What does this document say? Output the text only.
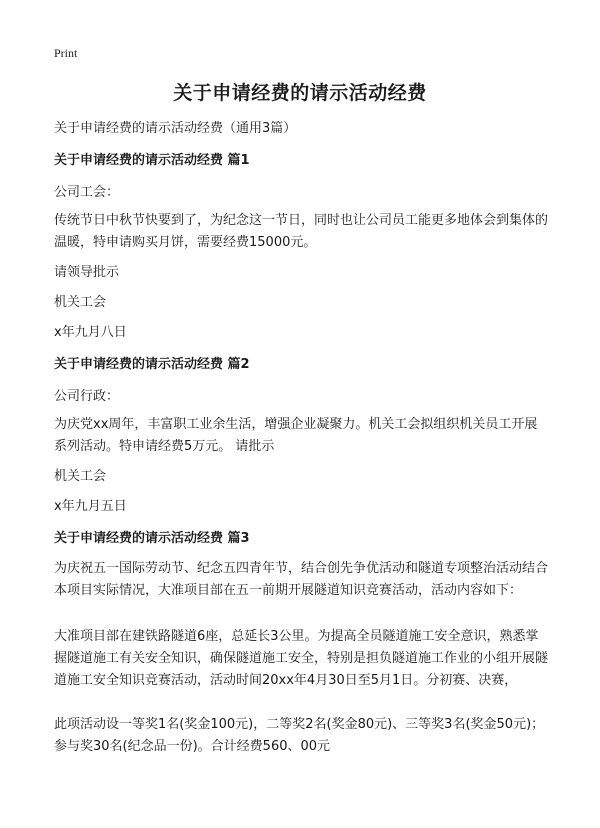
Print
关于申请经费的请示活动经费
关于申请经费的请示活动经费（通用3篇）
关于申请经费的请示活动经费 篇1
公司工会：
传统节日中秋节快要到了，为纪念这一节日，同时也让公司员工能更多地体会到集体的温暖，特申请购买月饼，需要经费15000元。
请领导批示
机关工会
x年九月八日
关于申请经费的请示活动经费 篇2
公司行政：
为庆党xx周年，丰富职工业余生活，增强企业凝聚力。机关工会拟组织机关员工开展系列活动。特申请经费5万元。 请批示
机关工会
x年九月五日
关于申请经费的请示活动经费 篇3
为庆祝五一国际劳动节、纪念五四青年节，结合创先争优活动和隧道专项整治活动结合本项目实际情况，大准项目部在五一前期开展隧道知识竞赛活动，活动内容如下：
大准项目部在建铁路隧道6座，总延长3公里。为提高全员隧道施工安全意识，熟悉掌握隧道施工有关安全知识，确保隧道施工安全，特别是担负隧道施工作业的小组开展隧道施工安全知识竞赛活动，活动时间20xx年4月30日至5月1日。分初赛、决赛，
此项活动设一等奖1名(奖金100元)，二等奖2名(奖金80元)、三等奖3名(奖金50元)；参与奖30名(纪念品一份)。合计经费560、00元
